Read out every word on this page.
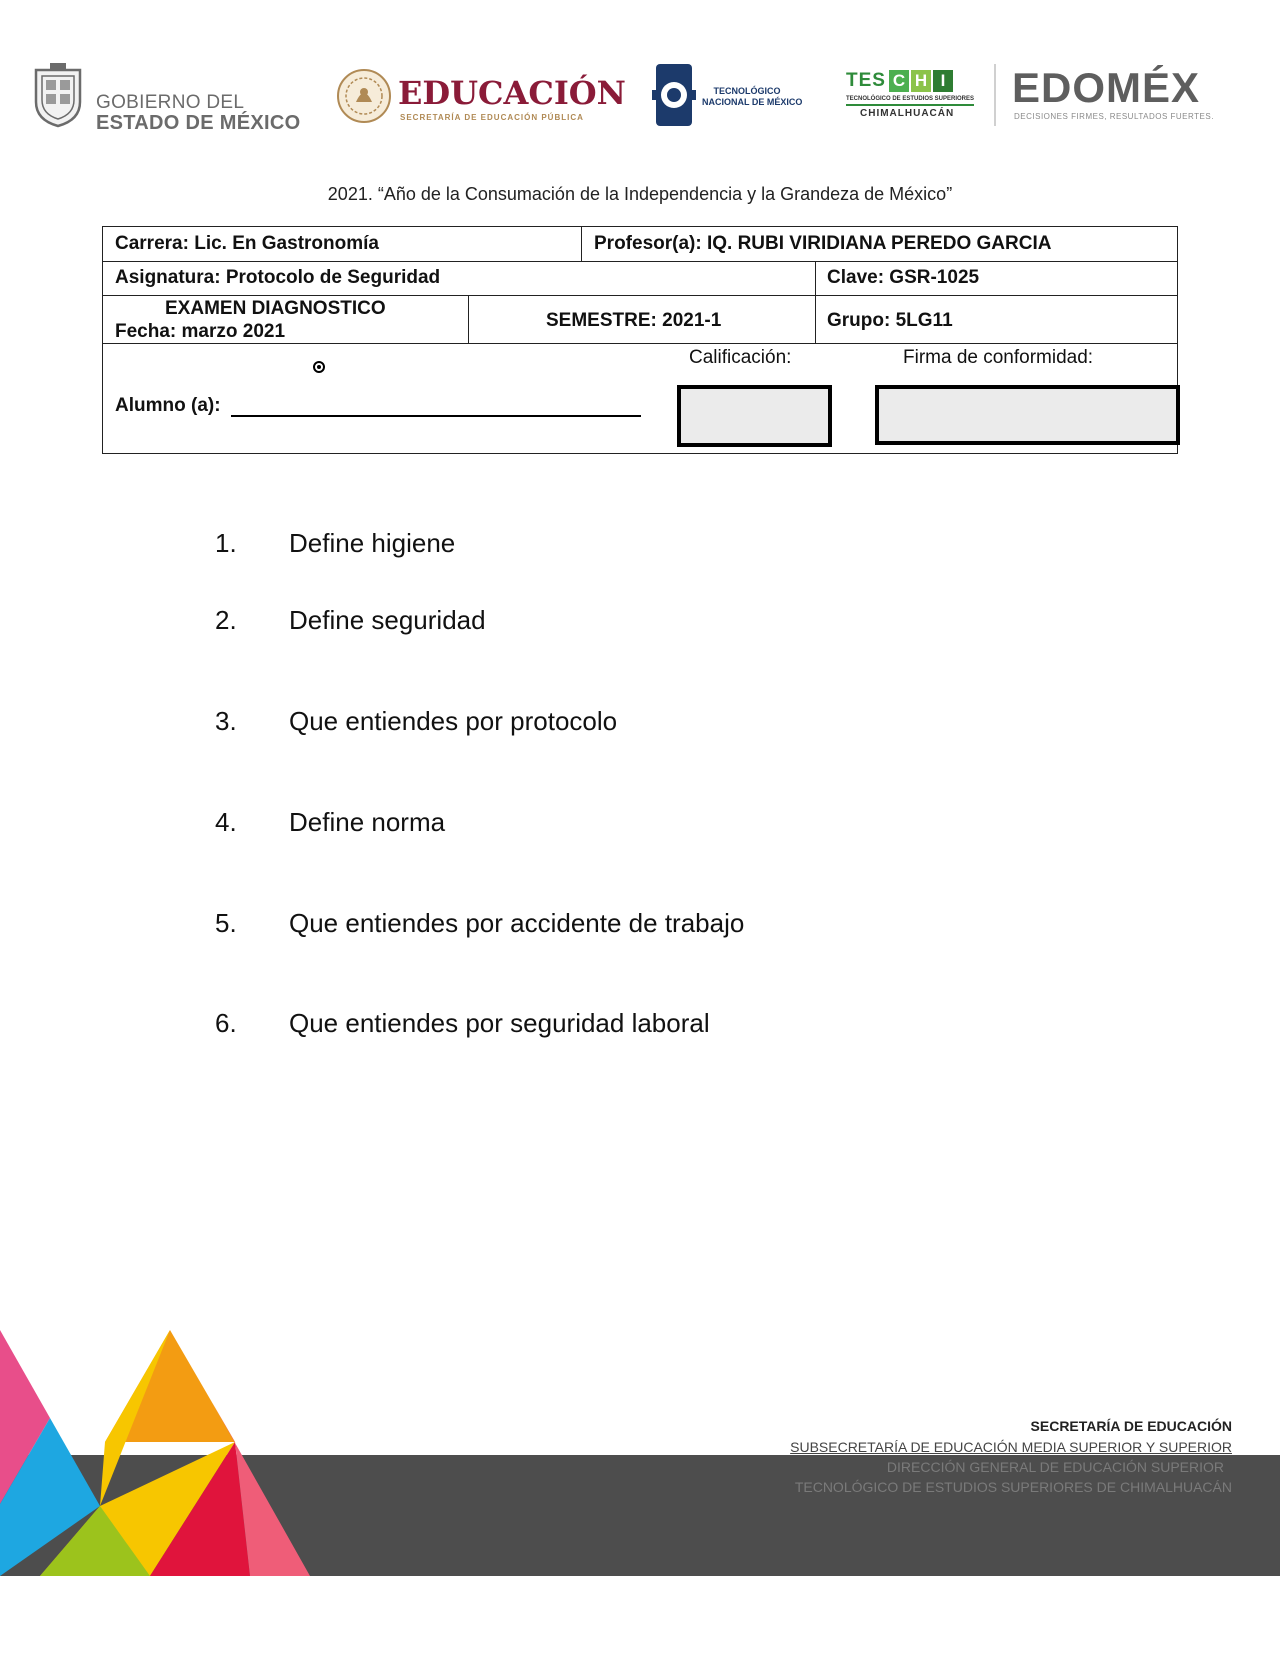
GOBIERNO DEL
ESTADO DE MÉXICO
EDUCACIÓN
SECRETARÍA DE EDUCACIÓN PÚBLICA
TECNOLÓGICO
NACIONAL DE MÉXICO
TES C H I
TECNOLÓGICO DE ESTUDIOS SUPERIORES
CHIMALHUACÁN
EDOMÉX
DECISIONES FIRMES, RESULTADOS FUERTES.
2021. “Año de la Consumación de la Independencia y la Grandeza de México”
Carrera: Lic. En Gastronomía	Profesor(a): IQ. RUBI VIRIDIANA PEREDO GARCIA
Asignatura: Protocolo de Seguridad	Clave: GSR-1025
EXAMEN DIAGNOSTICO
Fecha: marzo 2021
SEMESTRE: 2021-1	Grupo: 5LG11
Calificación:	Firma de conformidad:
Alumno (a):
1. Define higiene
2. Define seguridad
3. Que entiendes por protocolo
4. Define norma
5. Que entiendes por accidente de trabajo
6. Que entiendes por seguridad laboral
SECRETARÍA DE EDUCACIÓN
SUBSECRETARÍA DE EDUCACIÓN MEDIA SUPERIOR Y SUPERIOR
DIRECCIÓN GENERAL DE EDUCACIÓN SUPERIOR
TECNOLÓGICO DE ESTUDIOS SUPERIORES DE CHIMALHUACÁN
